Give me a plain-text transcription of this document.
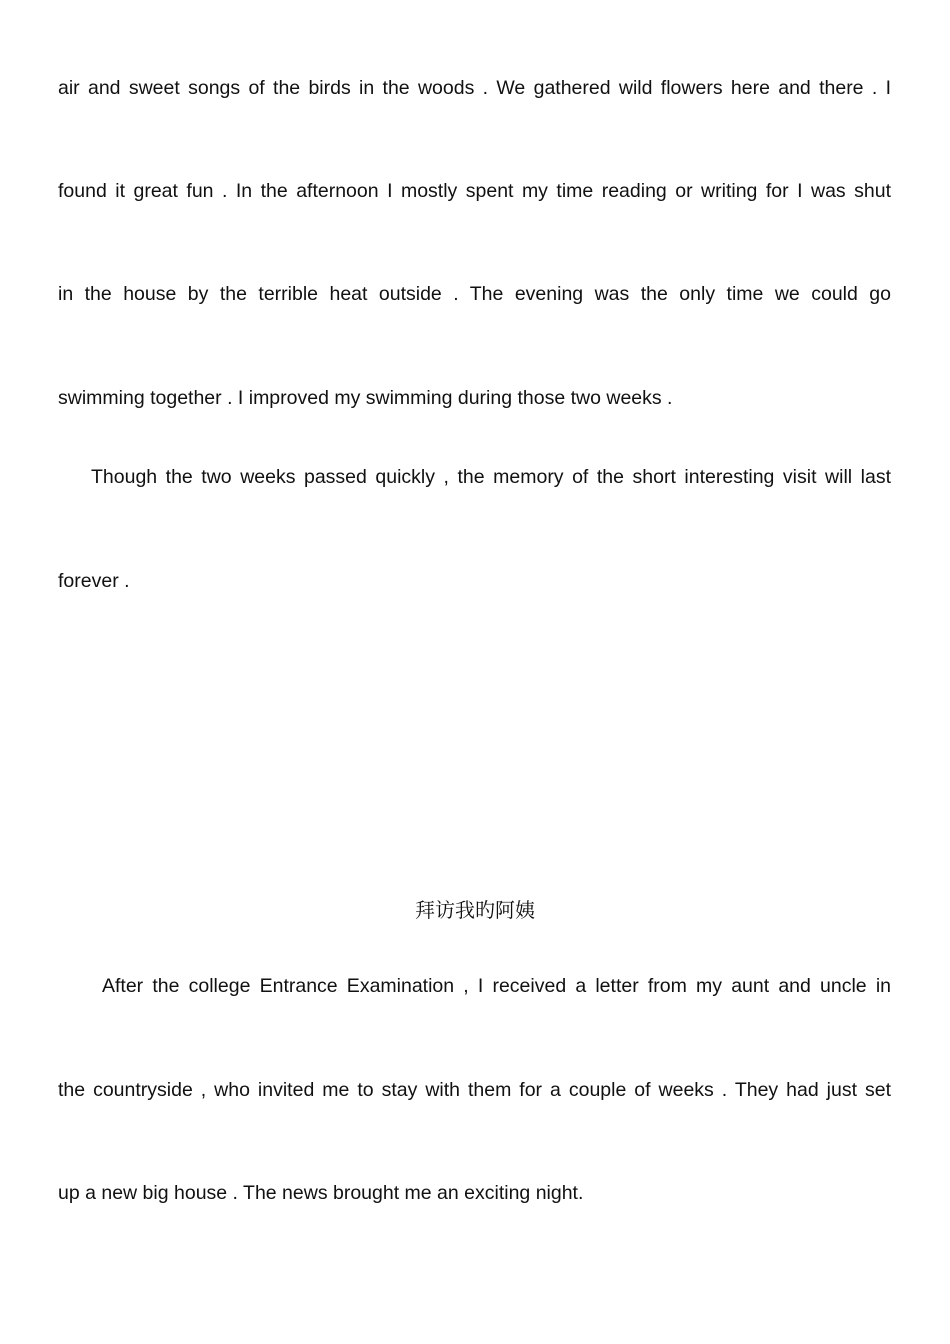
air and sweet songs of the birds in the woods . We gathered wild flowers here and there . I
found it great fun . In the afternoon I mostly spent my time reading or writing for I was shut
in the house by the terrible heat outside . The evening was the only time we could go
swimming together . I improved my swimming during those two weeks .
Though the two weeks passed quickly , the memory of the short interesting visit will last
forever .
拜访我旳阿姨
After the college Entrance Examination , I received a letter from my aunt and uncle in
the countryside , who invited me to stay with them for a couple of weeks . They had just set
up a new big house . The news brought me an exciting night.
